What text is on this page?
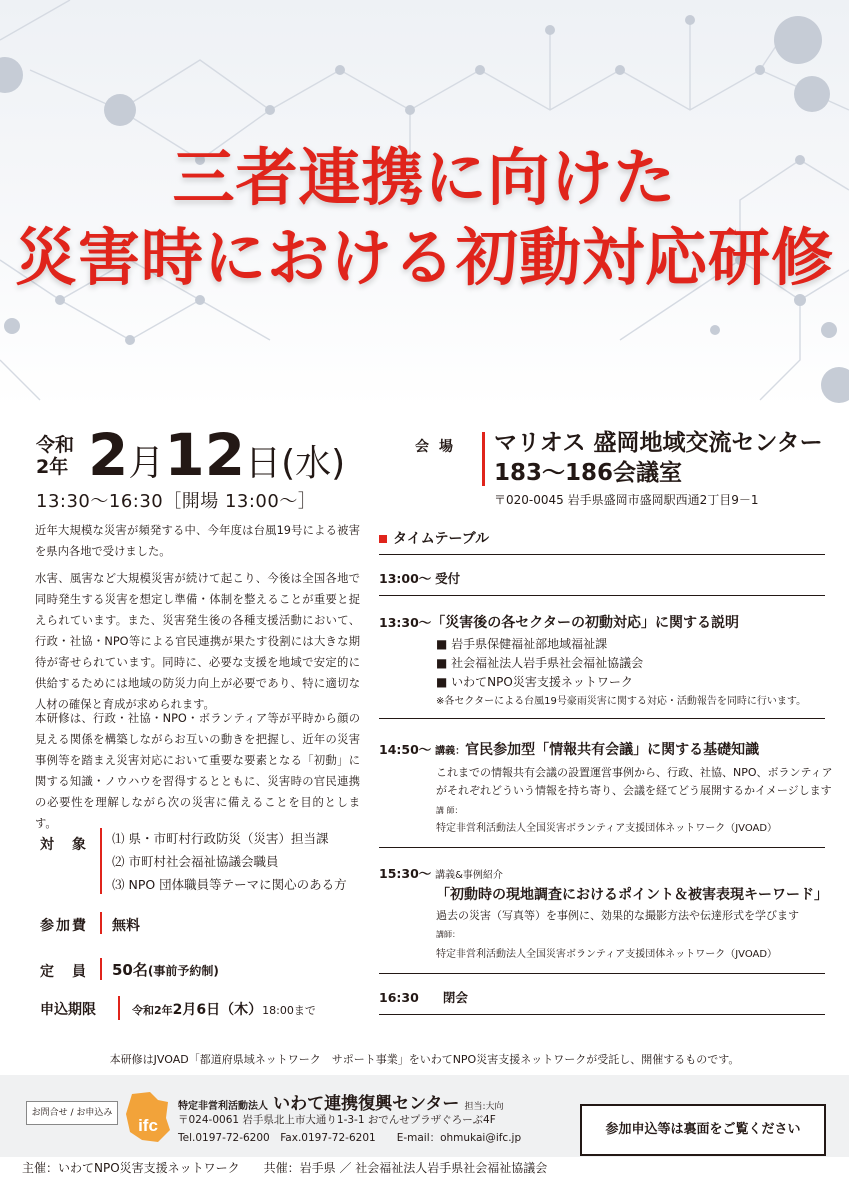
三者連携に向けた
災害時における初動対応研修
令和
2年 2月12日(水)
13:30〜16:30［開場 13:00〜］
会場 マリオス 盛岡地域交流センター
183〜186会議室
〒020-0045 岩手県盛岡市盛岡駅西通2丁目9－1

近年大規模な災害が頻発する中、今年度は台風19号による被害を県内各地で受けました。

水害、風害など大規模災害が続けて起こり、今後は全国各地で同時発生する災害を想定し準備・体制を整えることが重要と捉えられています。また、災害発生後の各種支援活動において、行政・社協・NPO等による官民連携が果たす役割には大きな期待が寄せられています。同時に、必要な支援を地域で安定的に供給するためには地域の防災力向上が必要であり、特に適切な人材の確保と育成が求められます。

本研修は、行政・社協・NPO・ボランティア等が平時から顔の見える関係を構築しながらお互いの動きを把握し、近年の災害事例等を踏まえ災害対応において重要な要素となる「初動」に関する知識・ノウハウを習得するとともに、災害時の官民連携の必要性を理解しながら次の災害に備えることを目的とします。

対　象 ⑴ 県・市町村行政防災（災害）担当課
⑵ 市町村社会福祉協議会職員
⑶ NPO 団体職員等テーマに関心のある方
参加費 無料
定　員 50名(事前予約制)
申込期限	令和2年2月6日（木）18:00まで
タイムテーブル
13:00〜 受付
13:30〜「災害後の各セクターの初動対応」に関する説明
■ 岩手県保健福祉部地域福祉課
■ 社会福祉法人岩手県社会福祉協議会
■ いわてNPO災害支援ネットワーク
※各セクターによる台風19号豪雨災害に関する対応・活動報告を同時に行います。
14:50〜 講義：官民参加型「情報共有会議」に関する基礎知識
これまでの情報共有会議の設置運営事例から、行政、社協、NPO、ボランティア
がそれぞれどういう情報を持ち寄り、会議を経てどう展開するかイメージします
講 師：
特定非営利活動法人全国災害ボランティア支援団体ネットワーク（JVOAD）
15:30〜 講義&事例紹介
「初動時の現地調査におけるポイント＆被害表現キーワード」
過去の災害（写真等）を事例に、効果的な撮影方法や伝達形式を学びます
講師：
特定非営利活動法人全国災害ボランティア支援団体ネットワーク（JVOAD）
16:30　　 閉会
本研修はJVOAD「都道府県域ネットワーク　サポート事業」をいわてNPO災害支援ネットワークが受託し、開催するものです。
お問合せ / お申込み
ifc
特定非営利活動法人 いわて連携復興センター 担当:大向
〒024-0061 岩手県北上市大通り1-3-1 おでんせプラザぐろーぶ4F
Tel.0197-72-6200　 Fax.0197-72-6201　　 E-mail：ohmukai@ifc.jp
参加申込等は裏面をご覧ください
主催：いわてNPO災害支援ネットワーク　　共催：岩手県 ／ 社会福祉法人岩手県社会福祉協議会
